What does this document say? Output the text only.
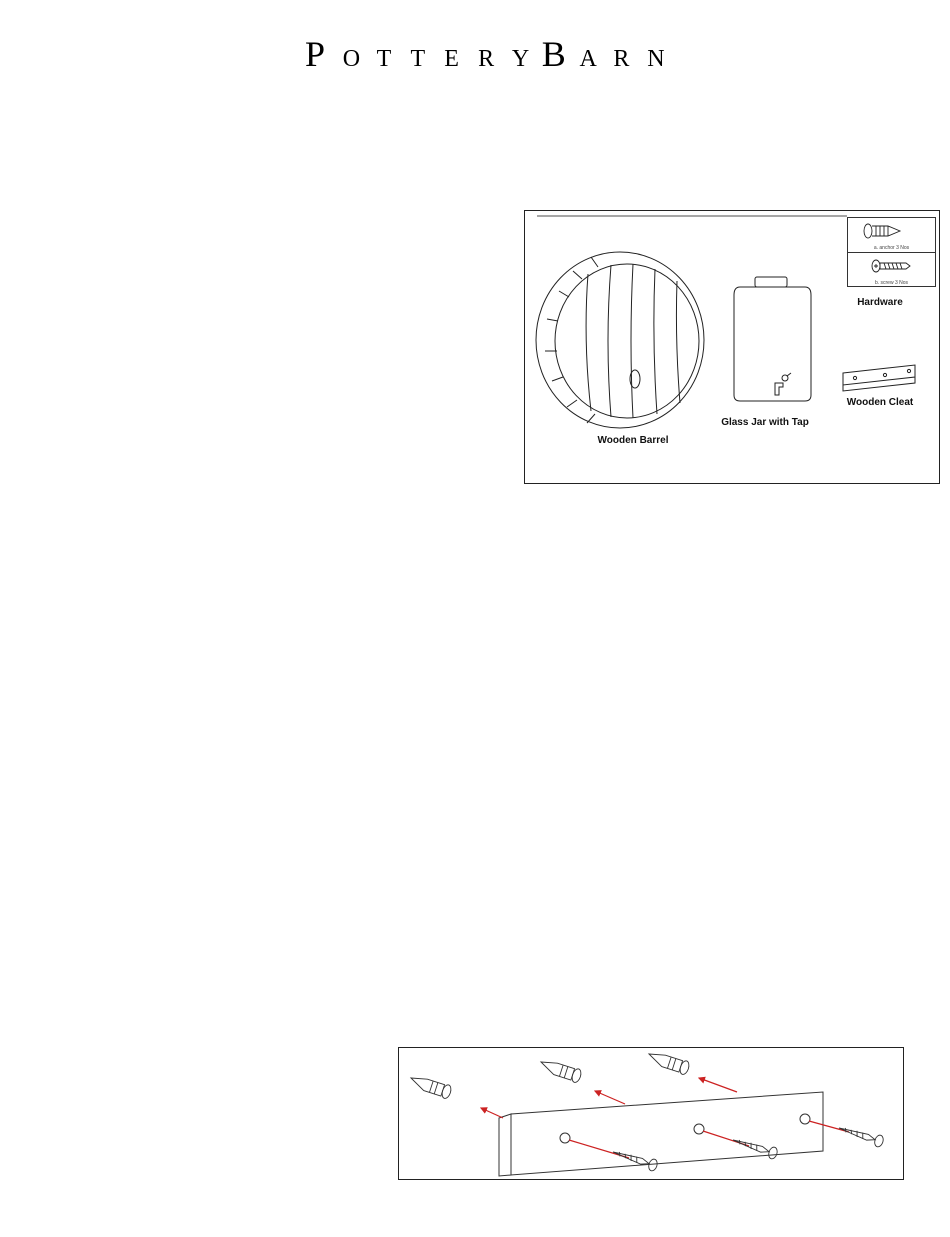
P O T T E R Y B A R N
Wooden Barrel
Glass Jar with Tap
Wooden Cleat
Hardware
a. anchor 3 Nos
b. screw 3 Nos
